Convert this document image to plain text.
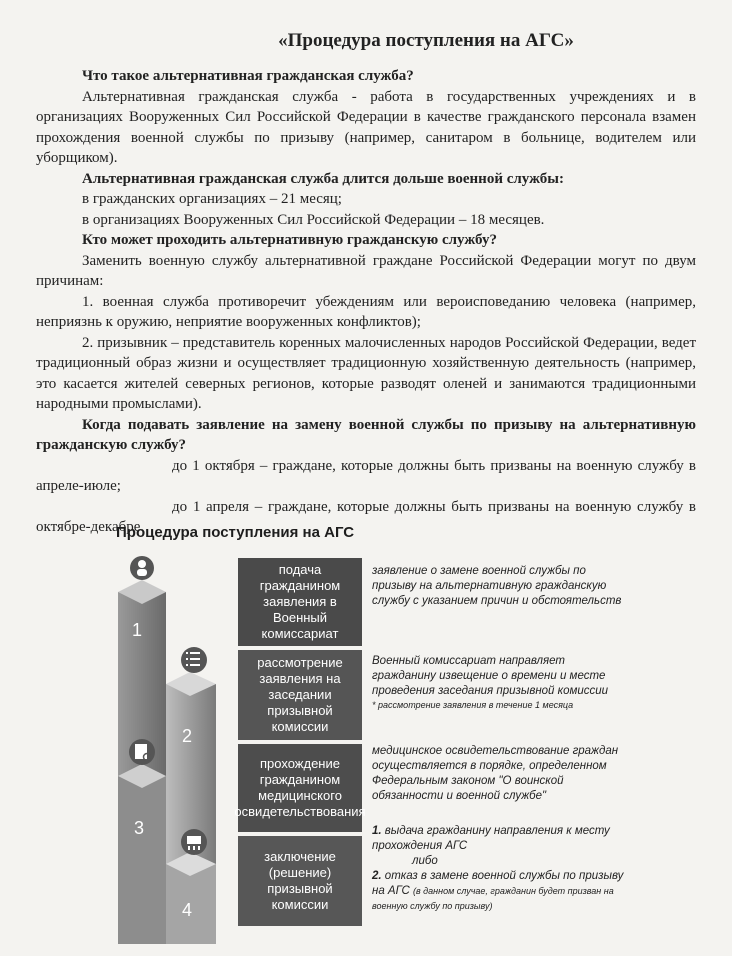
«Процедура поступления на АГС»

Что такое альтернативная гражданская служба?

Альтернативная гражданская служба - работа в государственных учреждениях и в организациях Вооруженных Сил Российской Федерации в качестве гражданского персонала взамен прохождения военной службы по призыву (например, санитаром в больнице, водителем или уборщиком).

Альтернативная гражданская служба длится дольше военной службы:

в гражданских организациях – 21 месяц;

в организациях Вооруженных Сил Российской Федерации – 18 месяцев.

Кто может проходить альтернативную гражданскую службу?

Заменить военную службу альтернативной граждане Российской Федерации могут по двум причинам:

1. военная служба противоречит убеждениям или вероисповеданию человека (например, неприязнь к оружию, неприятие вооруженных конфликтов);

2. призывник – представитель коренных малочисленных народов Российской Федерации, ведет традиционный образ жизни и осуществляет традиционную хозяйственную деятельность (например, это касается жителей северных регионов, которые разводят оленей и занимаются традиционными народными промыслами).

Когда подавать заявление на замену военной службы по призыву на альтернативную гражданскую службу?

до 1 октября – граждане, которые должны быть призваны на военную службу в апреле-июле;

до 1 апреля – граждане, которые должны быть призваны на военную службу в октябре-декабре.

Процедура поступления на АГС
1
2
3
4
подача гражданином заявления в Военный комиссариат
рассмотрение заявления на заседании призывной комиссии
прохождение гражданином медицинского освидетельствования
заключение (решение) призывной комиссии
заявление о замене военной службы по призыву на альтернативную гражданскую службу с указанием причин и обстоятельств
Военный комиссариат направляет гражданину извещение о времени и месте проведения заседания призывной комиссии
* рассмотрение заявления в течение 1 месяца
медицинское освидетельствование граждан осуществляется в порядке, определенном Федеральным законом "О воинской обязанности и военной службе"
1. выдача гражданину направления к месту прохождения АГС
либо
2. отказ в замене военной службы по призыву на АГС (в данном случае, гражданин будет призван на военную службу по призыву)
